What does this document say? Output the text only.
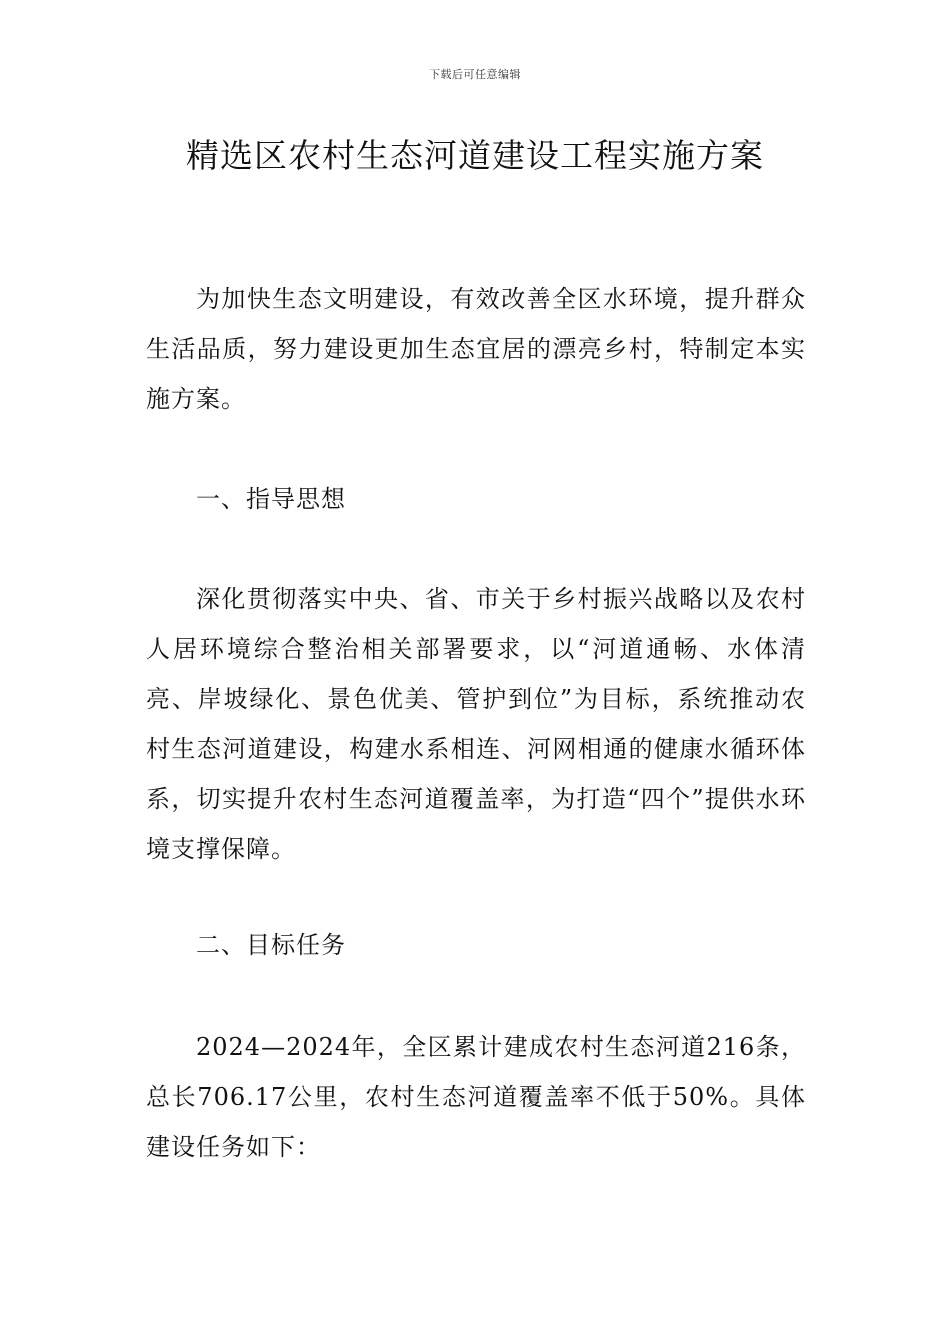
下载后可任意编辑
精选区农村生态河道建设工程实施方案

为加快生态文明建设，有效改善全区水环境，提升群众生活品质，努力建设更加生态宜居的漂亮乡村，特制定本实施方案。

一、指导思想

深化贯彻落实中央、省、市关于乡村振兴战略以及农村人居环境综合整治相关部署要求，以“河道通畅、水体清亮、岸坡绿化、景色优美、管护到位”为目标，系统推动农村生态河道建设，构建水系相连、河网相通的健康水循环体系，切实提升农村生态河道覆盖率，为打造“四个”提供水环境支撑保障。

二、目标任务

2024—2024年，全区累计建成农村生态河道216条，总长706.17公里，农村生态河道覆盖率不低于50%。具体建设任务如下：
